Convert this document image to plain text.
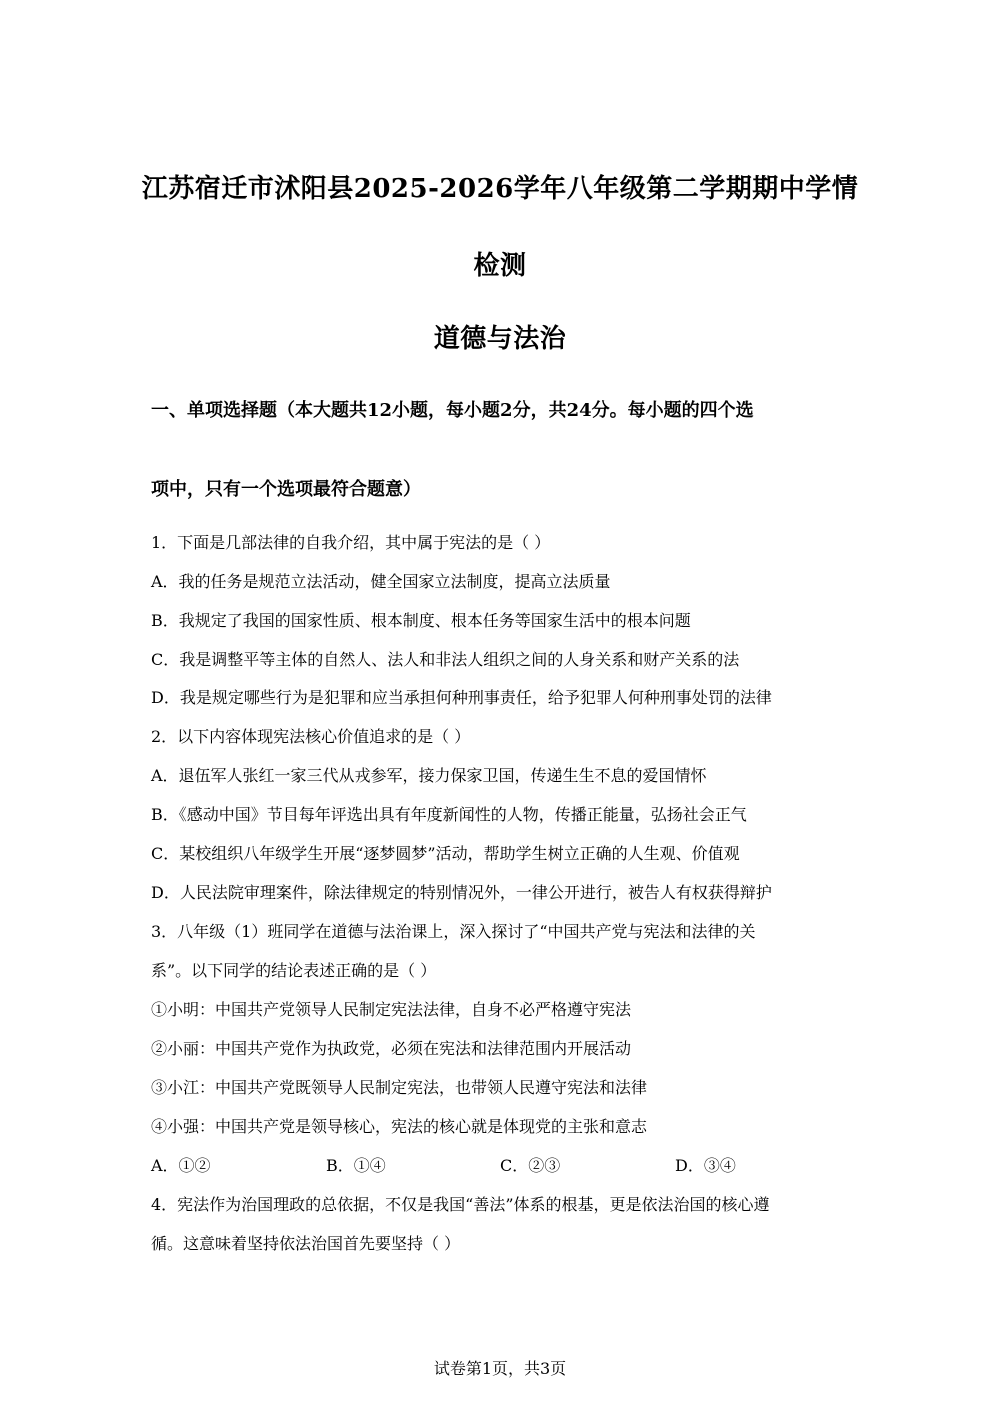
江苏宿迁市沭阳县2025-2026学年八年级第二学期期中学情
检测
道德与法治
一、单项选择题（本大题共12小题，每小题2分，共24分。每小题的四个选
项中，只有一个选项最符合题意）
1．下面是几部法律的自我介绍，其中属于宪法的是（ ）
A．我的任务是规范立法活动，健全国家立法制度，提高立法质量
B．我规定了我国的国家性质、根本制度、根本任务等国家生活中的根本问题
C．我是调整平等主体的自然人、法人和非法人组织之间的人身关系和财产关系的法
D．我是规定哪些行为是犯罪和应当承担何种刑事责任，给予犯罪人何种刑事处罚的法律
2．以下内容体现宪法核心价值追求的是（ ）
A．退伍军人张红一家三代从戎参军，接力保家卫国，传递生生不息的爱国情怀
B．《感动中国》节目每年评选出具有年度新闻性的人物，传播正能量，弘扬社会正气
C．某校组织八年级学生开展“逐梦圆梦”活动，帮助学生树立正确的人生观、价值观
D．人民法院审理案件，除法律规定的特别情况外，一律公开进行，被告人有权获得辩护
3．八年级（1）班同学在道德与法治课上，深入探讨了“中国共产党与宪法和法律的关
系”。以下同学的结论表述正确的是（ ）
①小明：中国共产党领导人民制定宪法法律，自身不必严格遵守宪法
②小丽：中国共产党作为执政党，必须在宪法和法律范围内开展活动
③小江：中国共产党既领导人民制定宪法，也带领人民遵守宪法和法律
④小强：中国共产党是领导核心，宪法的核心就是体现党的主张和意志
A．①②	B．①④	C．②③	D．③④
4．宪法作为治国理政的总依据，不仅是我国“善法”体系的根基，更是依法治国的核心遵
循。这意味着坚持依法治国首先要坚持（ ）
试卷第1页，共3页
